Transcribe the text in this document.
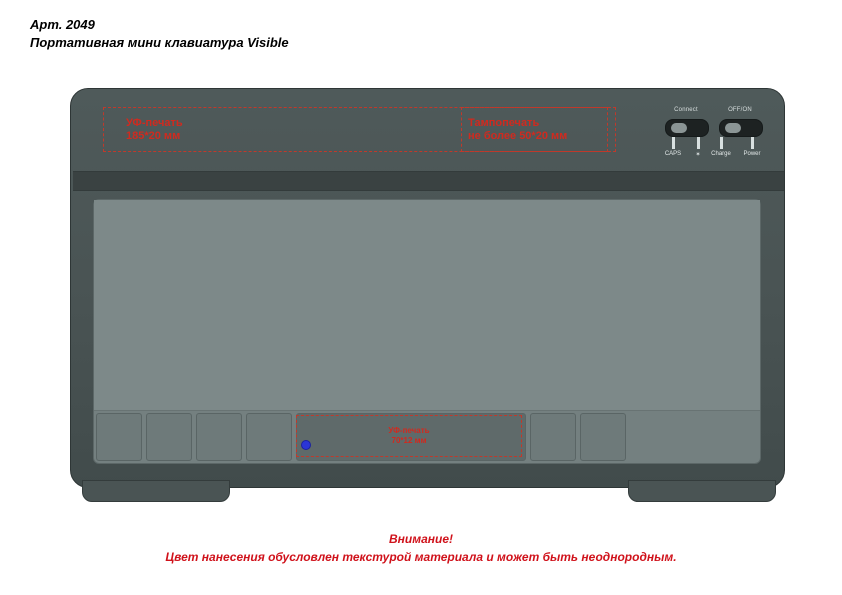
Арт. 2049
Портативная мини клавиатура Visible
УФ-печать
185*20 мм
Тампопечать
не более 50*20 мм
Connect	OFF/ON
CAPS	✶	Charge	Power
УФ-печать
70*12 мм
Внимание!
Цвет нанесения обусловлен текстурой материала и может быть неоднородным.
